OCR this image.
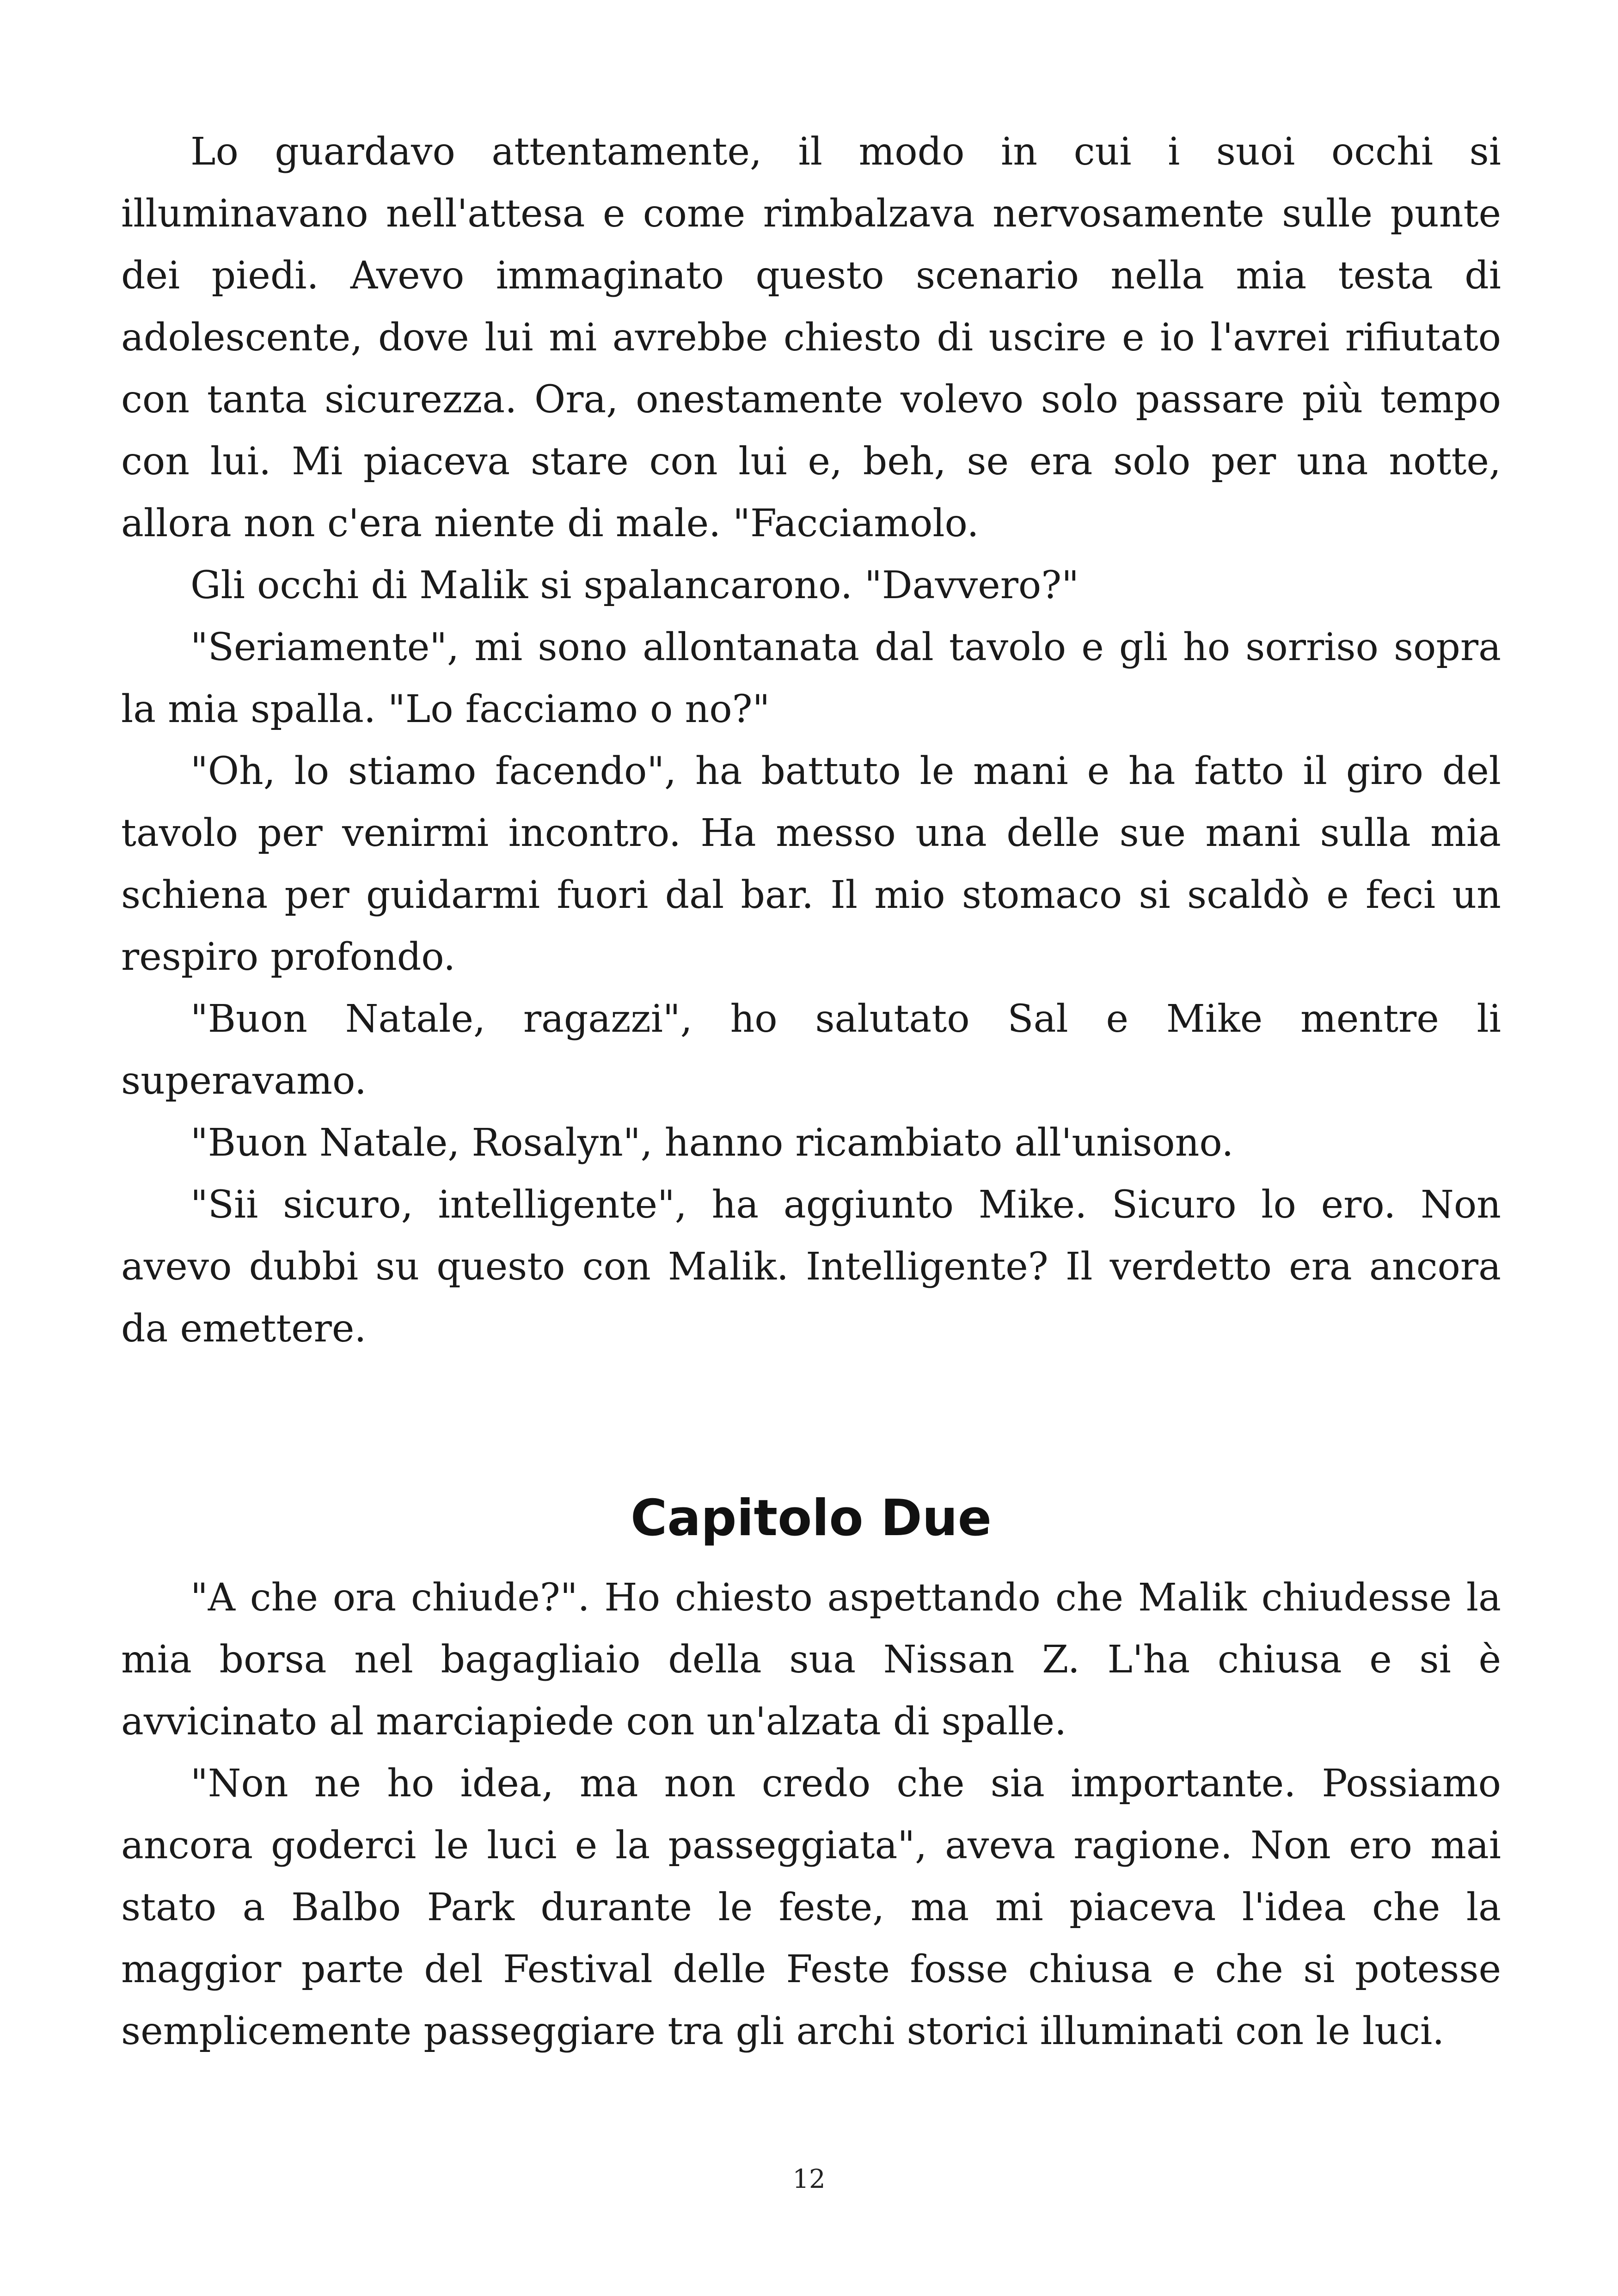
Lo guardavo attentamente, il modo in cui i suoi occhi si illuminavano nell'attesa e come rimbalzava nervosamente sulle punte dei piedi. Avevo immaginato questo scenario nella mia testa di adolescente, dove lui mi avrebbe chiesto di uscire e io l'avrei rifiutato con tanta sicurezza. Ora, onestamente volevo solo passare più tempo con lui. Mi piaceva stare con lui e, beh, se era solo per una notte, allora non c'era niente di male. "Facciamolo.

Gli occhi di Malik si spalancarono. "Davvero?"

"Seriamente", mi sono allontanata dal tavolo e gli ho sorriso sopra la mia spalla. "Lo facciamo o no?"

"Oh, lo stiamo facendo", ha battuto le mani e ha fatto il giro del tavolo per venirmi incontro. Ha messo una delle sue mani sulla mia schiena per guidarmi fuori dal bar. Il mio stomaco si scaldò e feci un respiro profondo.

"Buon Natale, ragazzi", ho salutato Sal e Mike mentre li superavamo.

"Buon Natale, Rosalyn", hanno ricambiato all'unisono.

"Sii sicuro, intelligente", ha aggiunto Mike. Sicuro lo ero. Non avevo dubbi su questo con Malik. Intelligente? Il verdetto era ancora da emettere.

Capitolo Due

"A che ora chiude?". Ho chiesto aspettando che Malik chiudesse la mia borsa nel bagagliaio della sua Nissan Z. L'ha chiusa e si è avvicinato al marciapiede con un'alzata di spalle.

"Non ne ho idea, ma non credo che sia importante. Possiamo ancora goderci le luci e la passeggiata", aveva ragione. Non ero mai stato a Balbo Park durante le feste, ma mi piaceva l'idea che la maggior parte del Festival delle Feste fosse chiusa e che si potesse semplicemente passeggiare tra gli archi storici illuminati con le luci.

12
